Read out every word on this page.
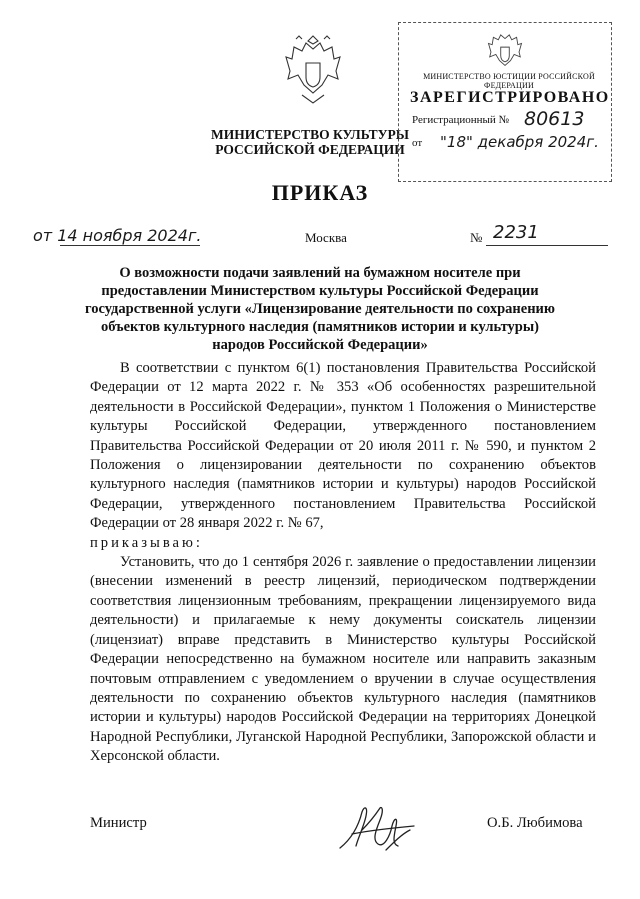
МИНИСТЕРСТВО КУЛЬТУРЫ
РОССИЙСКОЙ ФЕДЕРАЦИИ
МИНИСТЕРСТВО ЮСТИЦИИ РОССИЙСКОЙ ФЕДЕРАЦИИ
ЗАРЕГИСТРИРОВАНО
Регистрационный № 80613
от "18" декабря 2024г.
ПРИКАЗ
от 14 ноября 2024г.	Москва	№ 2231
О возможности подачи заявлений на бумажном носителе при предоставлении Министерством культуры Российской Федерации государственной услуги «Лицензирование деятельности по сохранению объектов культурного наследия (памятников истории и культуры) народов Российской Федерации»

В соответствии с пунктом 6(1) постановления Правительства Российской Федерации от 12 марта 2022 г. № 353 «Об особенностях разрешительной деятельности в Российской Федерации», пунктом 1 Положения о Министерстве культуры Российской Федерации, утвержденного постановлением Правительства Российской Федерации от 20 июля 2011 г. № 590, и пунктом 2 Положения о лицензировании деятельности по сохранению объектов культурного наследия (памятников истории и культуры) народов Российской Федерации, утвержденного постановлением Правительства Российской Федерации от 28 января 2022 г. № 67,

приказываю:

Установить, что до 1 сентября 2026 г. заявление о предоставлении лицензии (внесении изменений в реестр лицензий, периодическом подтверждении соответствия лицензионным требованиям, прекращении лицензируемого вида деятельности) и прилагаемые к нему документы соискатель лицензии (лицензиат) вправе представить в Министерство культуры Российской Федерации непосредственно на бумажном носителе или направить заказным почтовым отправлением с уведомлением о вручении в случае осуществления деятельности по сохранению объектов культурного наследия (памятников истории и культуры) народов Российской Федерации на территориях Донецкой Народной Республики, Луганской Народной Республики, Запорожской области и Херсонской области.

Министр	О.Б. Любимова
